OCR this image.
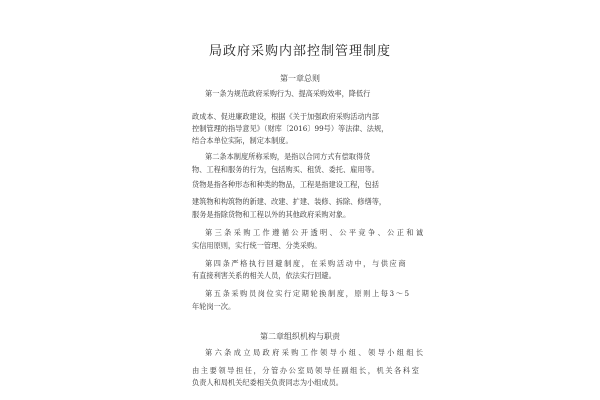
局政府采购内部控制管理制度
第一章总则
第一条为规范政府采购行为、提高采购效率，降低行
政成本、促进廉政建设，根据《关于加强政府采购活动内部
控制管理的指导意见》（财库〔2016〕99号）等法律、法规，
结合本单位实际，制定本制度。
第二条本制度所称采购，是指以合同方式有偿取得货
物、工程和服务的行为，包括购买、租赁、委托、雇用等。
货物是指各种形态和种类的物品，工程是指建设工程，包括
建筑物和构筑物的新建、改建、扩建、装修、拆除、修缮等，
服务是指除货物和工程以外的其他政府采购对象。
第三条采购工作遵循公开透明、公平竞争、公正和诚
实信用原则，实行统一管理、分类采购。
第四条严格执行回避制度，在采购活动中，与供应商
有直接利害关系的相关人员，依法实行回避。
第五条采购员岗位实行定期轮换制度，原则上每3～5
年轮岗一次。
第二章组织机构与职责
第六条成立局政府采购工作领导小组、领导小组组长
由主要领导担任，分管办公室局领导任副组长，机关各科室
负责人和局机关纪委相关负责同志为小组成员。
